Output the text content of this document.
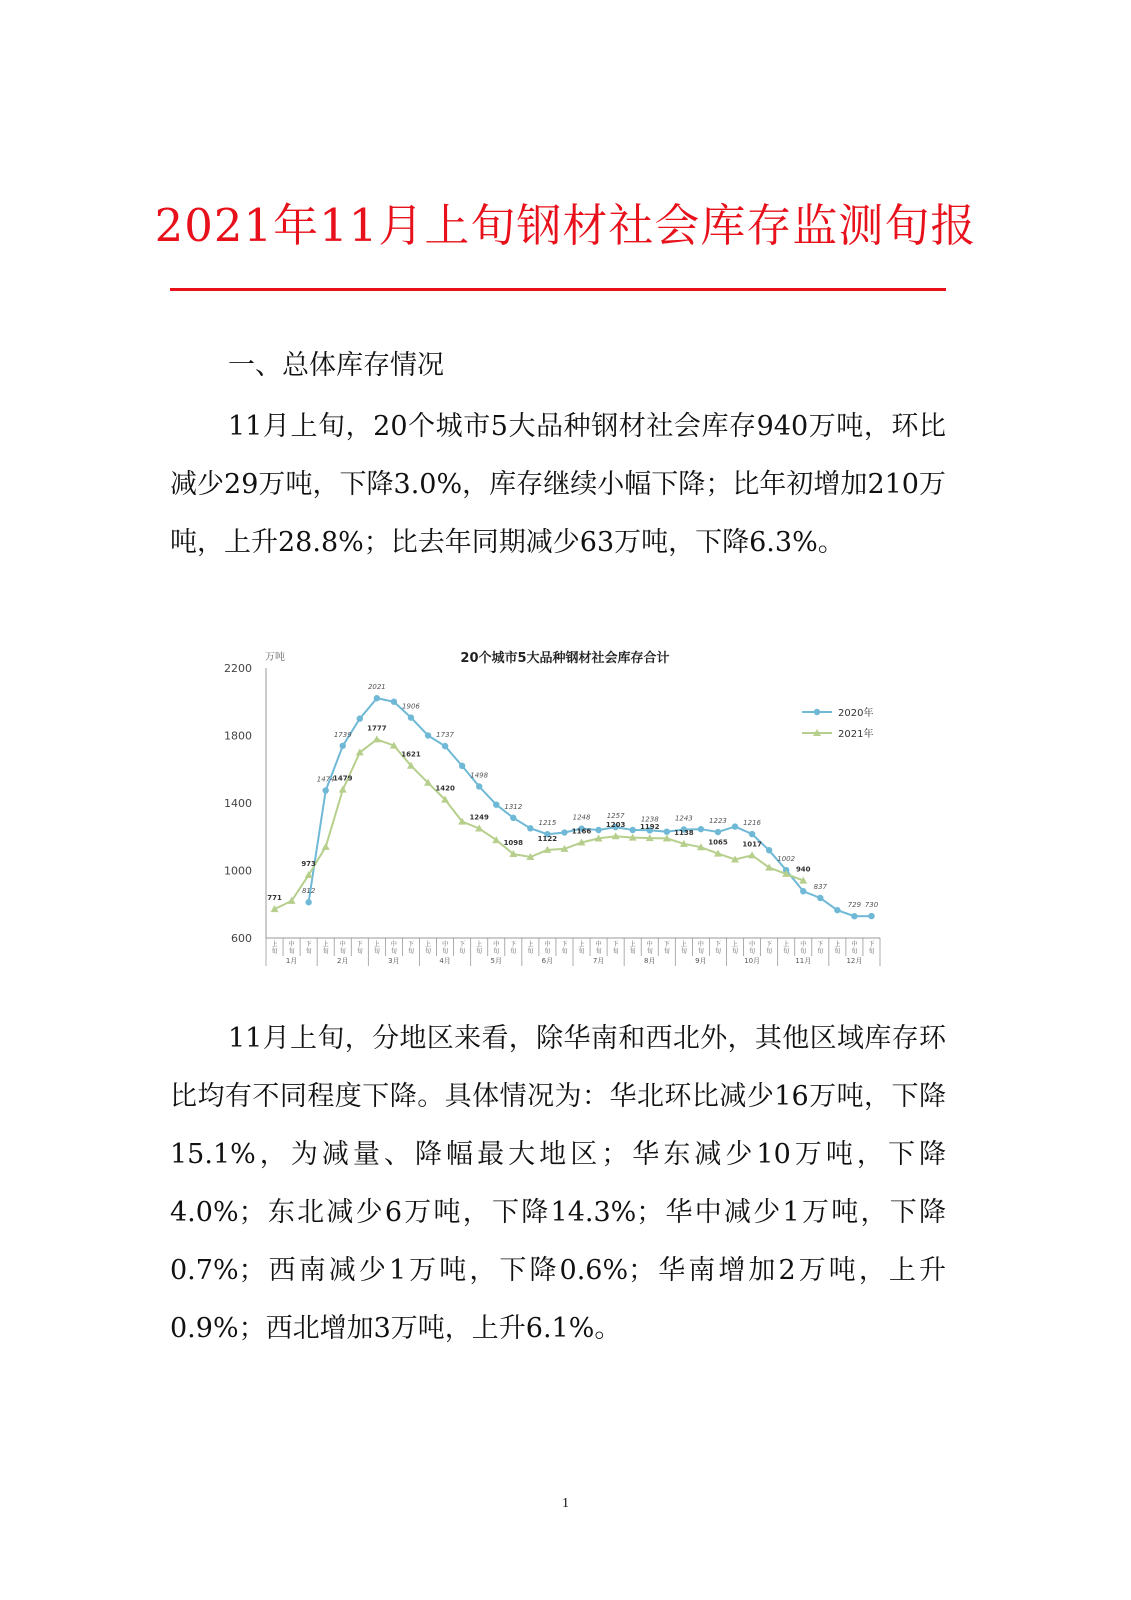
2021年11月上旬钢材社会库存监测旬报
一、总体库存情况

11月上旬，20个城市5大品种钢材社会库存940万吨，环比减少29万吨，下降3.0%，库存继续小幅下降；比年初增加210万吨，上升28.8%；比去年同期减少63万吨，下降6.3%。

20个城市5大品种钢材社会库存合计
万吨
600
1000
1400
1800
2200
上旬
中旬
下旬
上旬
中旬
下旬
上旬
中旬
下旬
上旬
中旬
下旬
上旬
中旬
下旬
上旬
中旬
下旬
上旬
中旬
下旬
上旬
中旬
下旬
上旬
中旬
下旬
上旬
中旬
下旬
上旬
中旬
下旬
上旬
中旬
下旬
1月	2月	3月	4月	5月	6月	7月	8月	9月	10月	11月	12月
812
1474
1739
2021
1906
1737
1498
1312
1215
1248 1257 1238 1243 1223 1216
1002
837
729 730
771
973
1479
1777
1621
1420
1249
1098
1122
1166
1203 1192
1138
1065 1017
940
2020年
2021年

11月上旬，分地区来看，除华南和西北外，其他区域库存环比均有不同程度下降。具体情况为：华北环比减少16万吨，下降15.1%，为减量、降幅最大地区；华东减少10万吨，下降4.0%；东北减少6万吨，下降14.3%；华中减少1万吨，下降0.7%；西南减少1万吨，下降0.6%；华南增加2万吨，上升0.9%；西北增加3万吨，上升6.1%。

1
